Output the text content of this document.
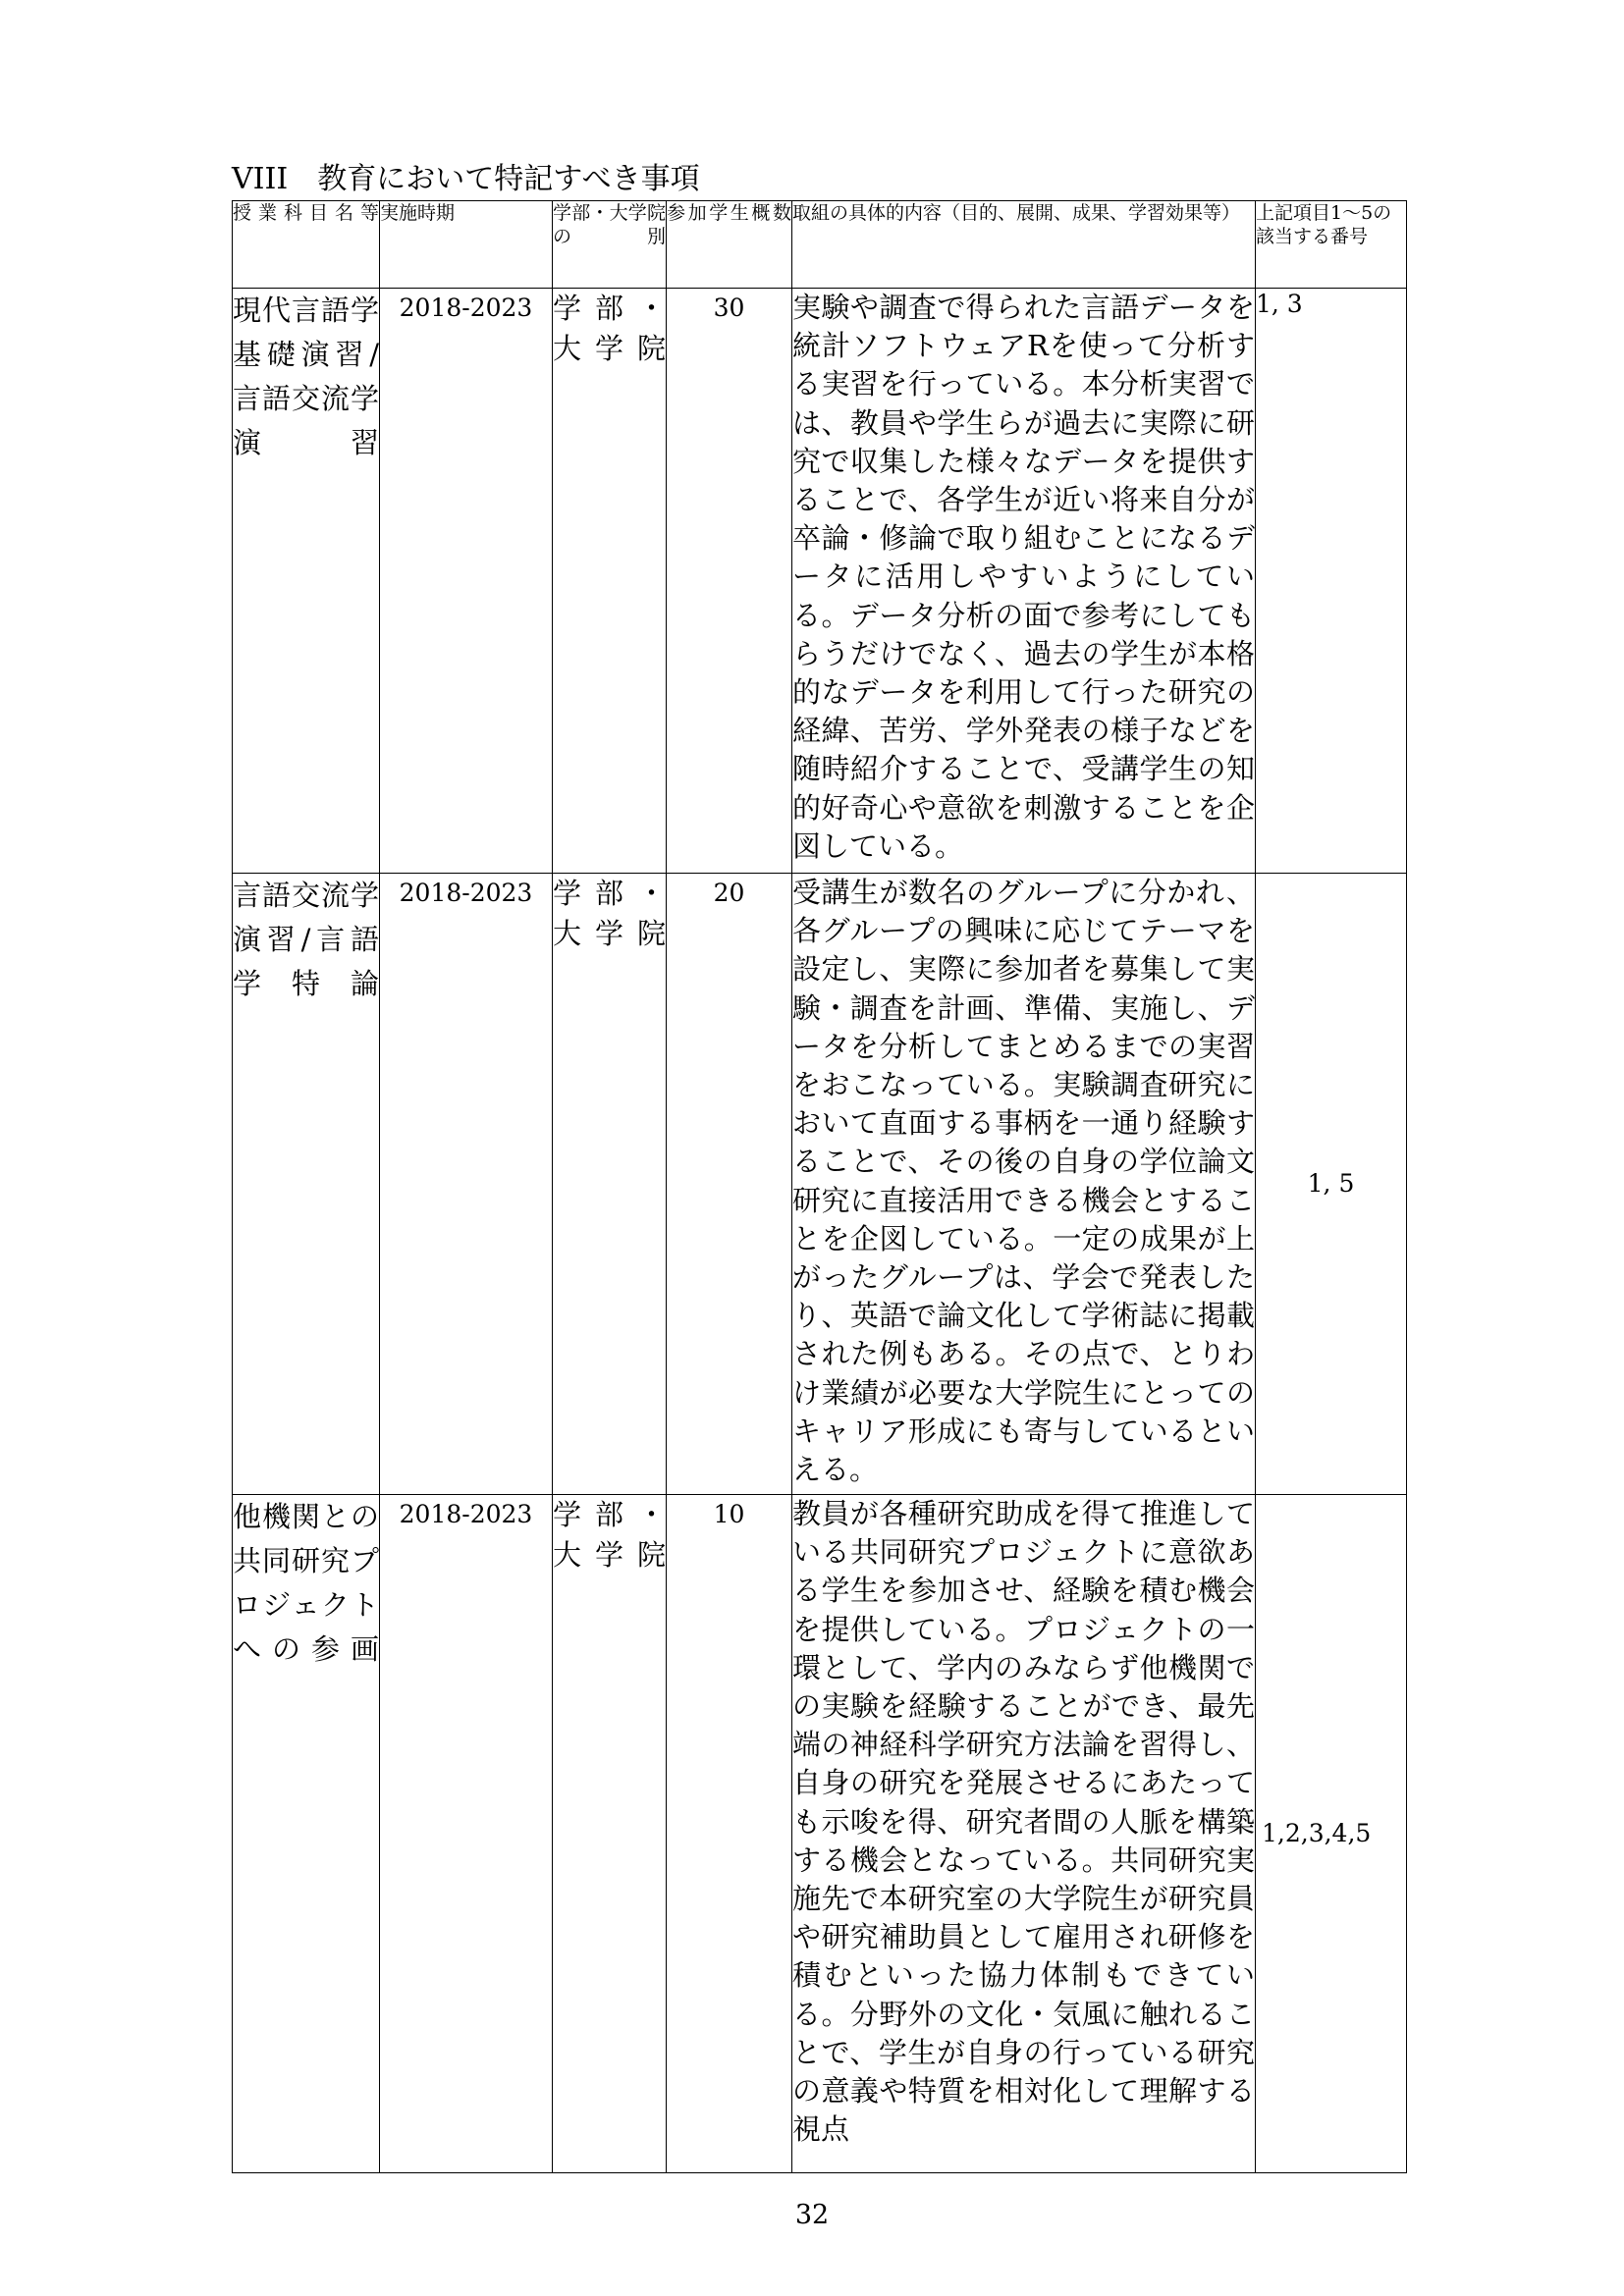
VIII　教育において特記すべき事項
授業科目名等	実施時期	学部・大学院の別	参加学生概数	取組の具体的内容（目的、展開、成果、学習効果等）	上記項目1～5の該当する番号
現代言語学基礎演習/言語交流学演習	2018-2023	学部・大学院	30	実験や調査で得られた言語データを統計ソフトウェアRを使って分析する実習を行っている。本分析実習では、教員や学生らが過去に実際に研究で収集した様々なデータを提供することで、各学生が近い将来自分が卒論・修論で取り組むことになるデータに活用しやすいようにしている。データ分析の面で参考にしてもらうだけでなく、過去の学生が本格的なデータを利用して行った研究の経緯、苦労、学外発表の様子などを随時紹介することで、受講学生の知的好奇心や意欲を刺激することを企図している。	1, 3
言語交流学演習/言語学特論	2018-2023	学部・大学院	20	受講生が数名のグループに分かれ、各グループの興味に応じてテーマを設定し、実際に参加者を募集して実験・調査を計画、準備、実施し、データを分析してまとめるまでの実習をおこなっている。実験調査研究において直面する事柄を一通り経験することで、その後の自身の学位論文研究に直接活用できる機会とすることを企図している。一定の成果が上がったグループは、学会で発表したり、英語で論文化して学術誌に掲載された例もある。その点で、とりわけ業績が必要な大学院生にとってのキャリア形成にも寄与しているといえる。	1, 5
他機関との共同研究プロジェクトへの参画	2018-2023	学部・大学院	10	教員が各種研究助成を得て推進している共同研究プロジェクトに意欲ある学生を参加させ、経験を積む機会を提供している。プロジェクトの一環として、学内のみならず他機関での実験を経験することができ、最先端の神経科学研究方法論を習得し、自身の研究を発展させるにあたっても示唆を得、研究者間の人脈を構築する機会となっている。共同研究実施先で本研究室の大学院生が研究員や研究補助員として雇用され研修を積むといった協力体制もできている。分野外の文化・気風に触れることで、学生が自身の行っている研究の意義や特質を相対化して理解する視点	1,2,3,4,5
32
